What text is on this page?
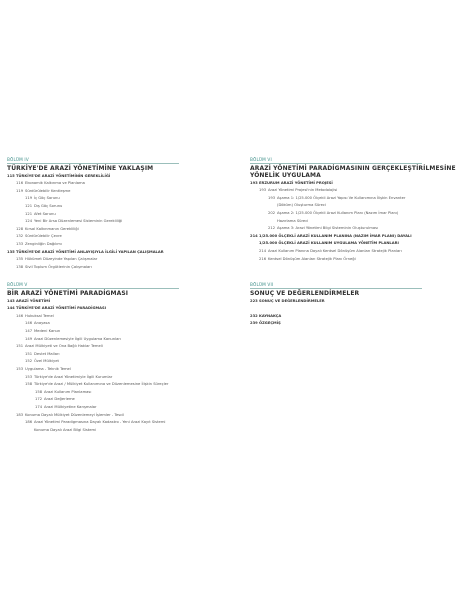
BÖLÜM IV
TÜRKİYE'DE ARAZİ YÖNETİMİNE YAKLAŞIM
115TÜRKİYE'DE ARAZİ YÖNETİMİNİN GEREKLİLİĞİ
116 Ekonomik Kalkınma ve Planlama
119 Sürdürülebilir Kentleşme
119 İç Göç Sorunu
121 Dış Göç Sorunu
121 Afet Sorunu
124 Yeni Bir Arsa Düzenlemesi Sisteminin Gerekliliği
128 Kırsal Kalkınmanın Gerekliliği
132 Sürdürülebilir Çevre
133 Zenginliğin Dağılımı
135TÜRKİYE'DE ARAZİ YÖNETİMİ ANLAYIŞIYLA İLGİLİ YAPILAN ÇALIŞMALAR
135 Hükümet Düzeyinde Yapılan Çalışmalar
138 Sivil Toplum Örgütlerinin Çalışmaları
BÖLÜM V
BİR ARAZİ YÖNETİMİ PARADİGMASI
143ARAZİ YÖNETİMİ
144TÜRKİYE'DE ARAZİ YÖNETİMİ PARADİGMASI
146 Hukuksal Temel
146 Anayasa
147 Medeni Kanun
149 Arazi Düzenlemesiyle İlgili Uygulama Kanunları
151 Arazi Mülkiyeti ve Ona Bağlı Haklar Temeli
151 Devlet Malları
152 Özel Mülkiyet
153 Uygulama - Teknik Temel
153 Türkiye'de Arazi Yönetimiyle İlgili Kurumlar
158 Türkiye'de Arazi / Mülkiyet Kullanımına ve Düzenlemesine İlişkin Süreçler
158 Arazi Kullanım Planlaması
172 Arazi Değerleme
174 Arazi Mülkiyetine Karışmalar
183 Konuma Dayalı Mülkiyet Düzenlemeyi İşlemler - Tescil
186 Arazi Yönetimi Paradigmasına Dayalı Kadastro - Yeni Arazi Kayıt Sistemi
Konuma Dayalı Arazi Bilgi Sistemi
BÖLÜM VI
ARAZİ YÖNETİMİ PARADİGMASININ GERÇEKLEŞTİRİLMESİNE
YÖNELİK UYGULAMA
193ERZURUM ARAZİ YÖNETİMİ PROJESİ
193 Arazi Yönetimi Projesi'nin Metodolojisi
193 Aşama 1: 1/25.000 Ölçekli Arazi Yapısı Ve Kullanımına İlişkin Envanter
(Döküm) Oluşturma Süreci
202 Aşama 2: 1/25.000 Ölçekli Arazi Kullanım Planı (Nazım İmar Planı)
Hazırlama Süreci
212 Aşama 3: Arazi Yönetimi Bilgi Sisteminin Oluşturulması
2141/25.000 ÖLÇEKLİ ARAZİ KULLANIM PLANINA (NAZIM İMAR PLANI) DAYALI
1/25.000 ÖLÇEKLİ ARAZİ KULLANIM UYGULAMA YÖNETİM PLANLARI
214 Arazi Kullanım Planına Dayalı Kentsel Dönüşüm Alanları Stratejik Planları
216 Kentsel Dönüşüm Alanları Stratejik Planı Örneği
BÖLÜM VII
SONUÇ VE DEĞERLENDİRMELER
223SONUÇ VE DEĞERLENDİRMELER
232KAYNAKÇA
239ÖZGEÇMİŞ
